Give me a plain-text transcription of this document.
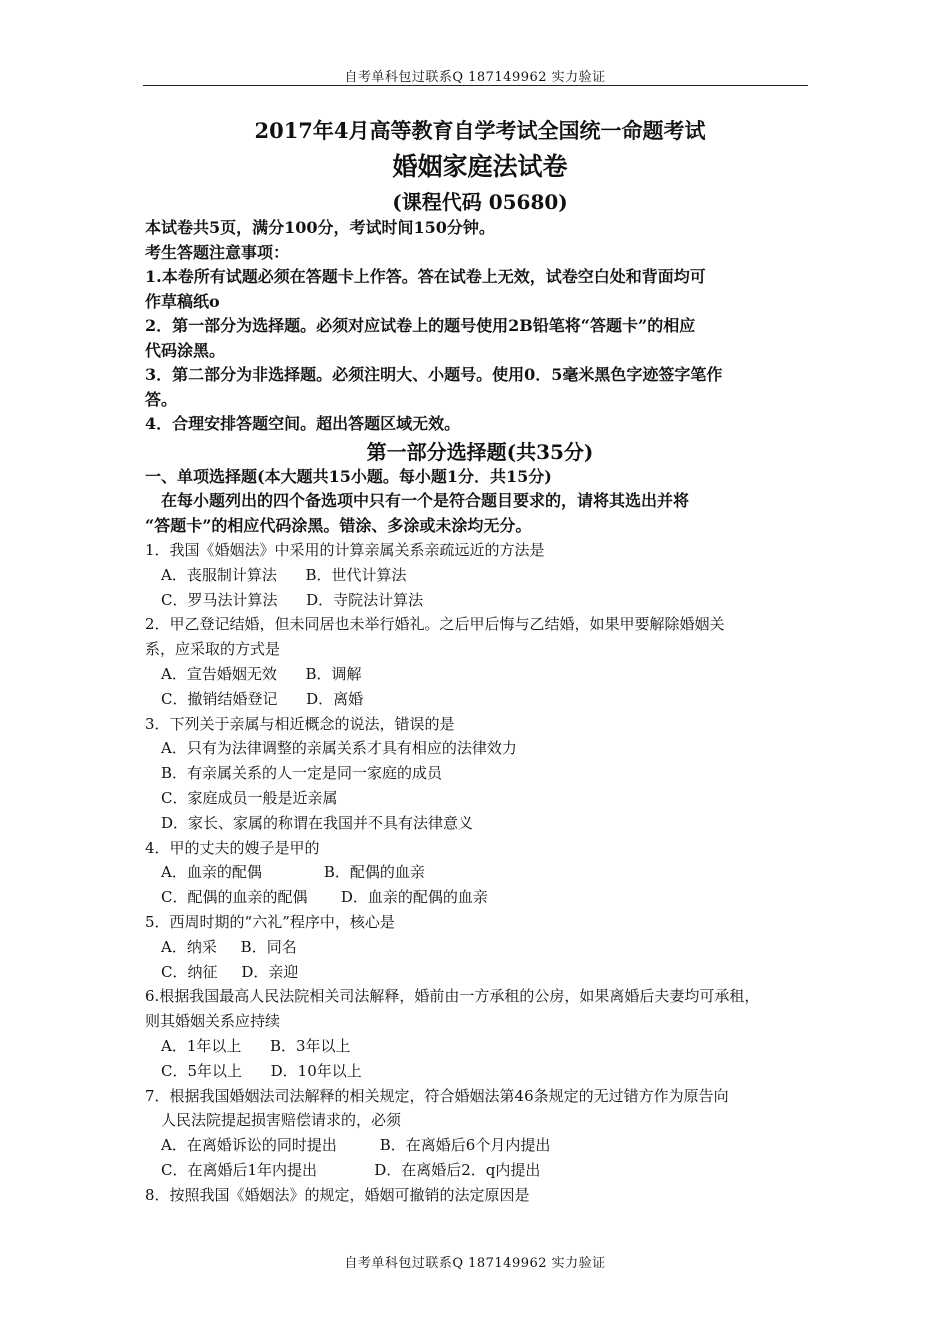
自考单科包过联系Q 187149962 实力验证
2017年4月高等教育自学考试全国统一命题考试
婚姻家庭法试卷
(课程代码 05680)
本试卷共5页，满分100分，考试时间150分钟。
考生答题注意事项：
1.本卷所有试题必须在答题卡上作答。答在试卷上无效，试卷空白处和背面均可
作草稿纸ο
2．第一部分为选择题。必须对应试卷上的题号使用2B铅笔将“答题卡”的相应
代码涂黑。
3．第二部分为非选择题。必须注明大、小题号。使用0．5毫米黑色字迹签字笔作
答。
4．合理安排答题空间。超出答题区域无效。
第一部分选择题(共35分)
一、单项选择题(本大题共15小题。每小题1分．共15分)
在每小题列出的四个备选项中只有一个是符合题目要求的，请将其选出并将
“答题卡”的相应代码涂黑。错涂、多涂或未涂均无分。
1．我国《婚姻法》中采用的计算亲属关系亲疏远近的方法是
A．丧服制计算法      B．世代计算法
C．罗马法计算法      D．寺院法计算法
2．甲乙登记结婚，但未同居也未举行婚礼。之后甲后悔与乙结婚，如果甲要解除婚姻关
系，应采取的方式是
A．宣告婚姻无效      B．调解
C．撤销结婚登记      D．离婚
3．下列关于亲属与相近概念的说法，错误的是
A．只有为法律调整的亲属关系才具有相应的法律效力
B．有亲属关系的人一定是同一家庭的成员
C．家庭成员一般是近亲属
D．家长、家属的称谓在我国并不具有法律意义
4．甲的丈夫的嫂子是甲的
A．血亲的配偶             B．配偶的血亲
C．配偶的血亲的配偶       D．血亲的配偶的血亲
5．西周时期的“六礼”程序中，核心是
A．纳采     B．同名
C．纳征     D．亲迎
6.根据我国最高人民法院相关司法解释，婚前由一方承租的公房，如果离婚后夫妻均可承租，
则其婚姻关系应持续
A．1年以上      B．3年以上
C．5年以上      D．10年以上
7．根据我国婚姻法司法解释的相关规定，符合婚姻法第46条规定的无过错方作为原告向
人民法院提起损害赔偿请求的，必须
A．在离婚诉讼的同时提出         B．在离婚后6个月内提出
C．在离婚后1年内提出            D．在离婚后2．q内提出
8．按照我国《婚姻法》的规定，婚姻可撤销的法定原因是
自考单科包过联系Q 187149962 实力验证
